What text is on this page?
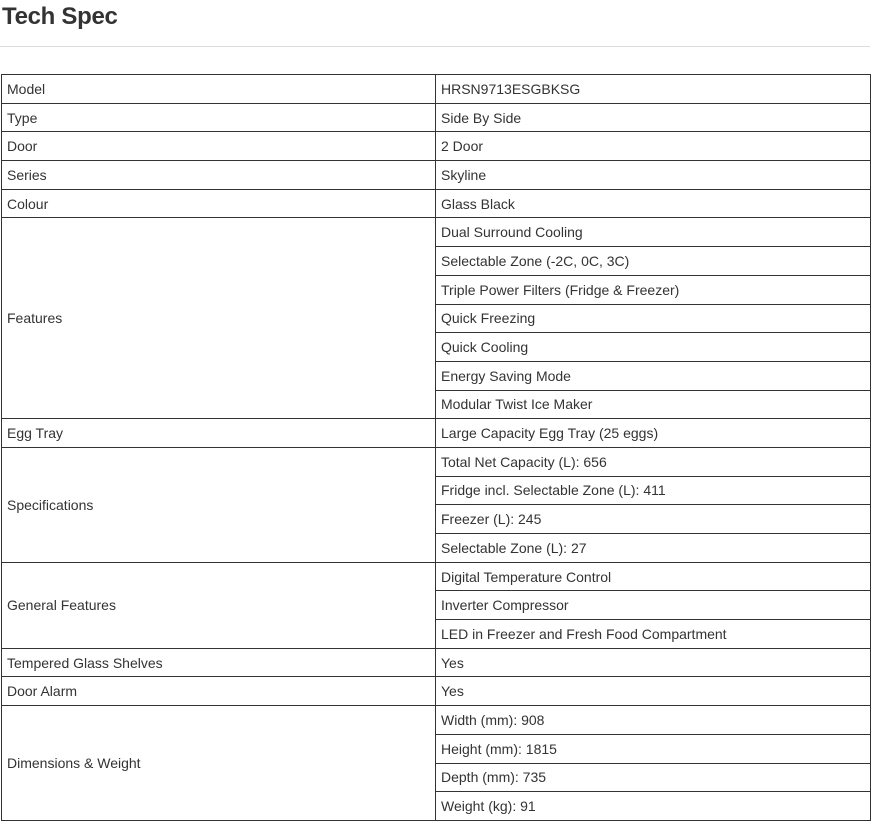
Tech Spec
Model	HRSN9713ESGBKSG
Type	Side By Side
Door	2 Door
Series	Skyline
Colour	Glass Black
Features	Dual Surround Cooling
	Selectable Zone (-2C, 0C, 3C)
	Triple Power Filters (Fridge & Freezer)
	Quick Freezing
	Quick Cooling
	Energy Saving Mode
	Modular Twist Ice Maker
Egg Tray	Large Capacity Egg Tray (25 eggs)
Specifications	Total Net Capacity (L): 656
	Fridge incl. Selectable Zone (L): 411
	Freezer (L): 245
	Selectable Zone (L): 27
General Features	Digital Temperature Control
	Inverter Compressor
	LED in Freezer and Fresh Food Compartment
Tempered Glass Shelves	Yes
Door Alarm	Yes
Dimensions & Weight	Width (mm): 908
	Height (mm): 1815
	Depth (mm): 735
	Weight (kg): 91
